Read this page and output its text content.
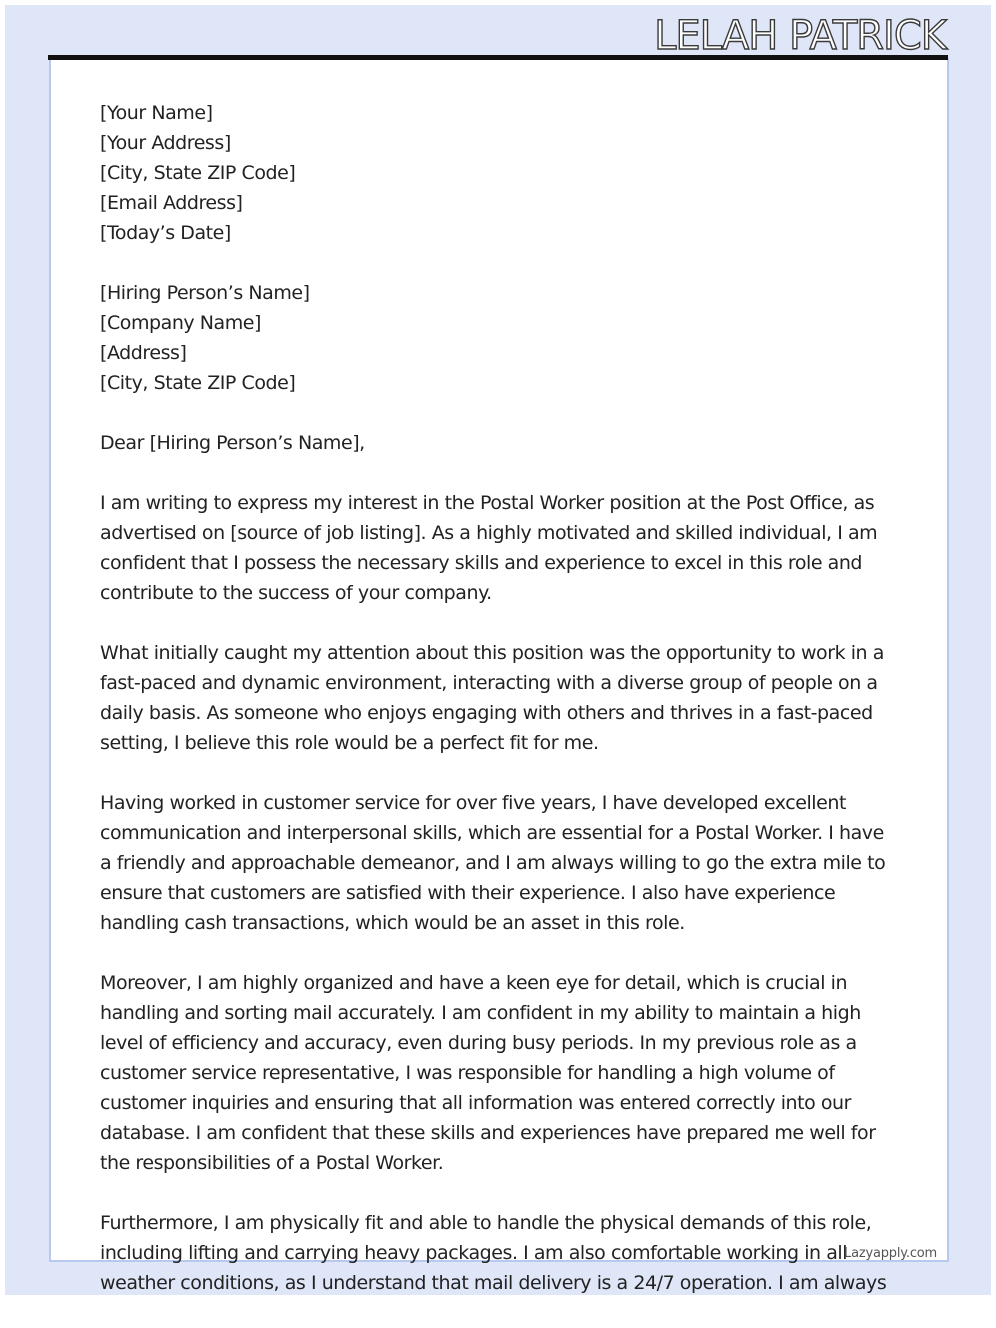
LELAH PATRICK

[Your Name]
[Your Address]
[City, State ZIP Code]
[Email Address]
[Today’s Date]

[Hiring Person’s Name]
[Company Name]
[Address]
[City, State ZIP Code]

Dear [Hiring Person’s Name],

I am writing to express my interest in the Postal Worker position at the Post Office, as advertised on [source of job listing]. As a highly motivated and skilled individual, I am confident that I possess the necessary skills and experience to excel in this role and contribute to the success of your company.

What initially caught my attention about this position was the opportunity to work in a fast-paced and dynamic environment, interacting with a diverse group of people on a daily basis. As someone who enjoys engaging with others and thrives in a fast-paced setting, I believe this role would be a perfect fit for me.

Having worked in customer service for over five years, I have developed excellent communication and interpersonal skills, which are essential for a Postal Worker. I have a friendly and approachable demeanor, and I am always willing to go the extra mile to ensure that customers are satisfied with their experience. I also have experience handling cash transactions, which would be an asset in this role.

Moreover, I am highly organized and have a keen eye for detail, which is crucial in handling and sorting mail accurately. I am confident in my ability to maintain a high level of efficiency and accuracy, even during busy periods. In my previous role as a customer service representative, I was responsible for handling a high volume of customer inquiries and ensuring that all information was entered correctly into our database. I am confident that these skills and experiences have prepared me well for the responsibilities of a Postal Worker.

Furthermore, I am physically fit and able to handle the physical demands of this role, including lifting and carrying heavy packages. I am also comfortable working in all weather conditions, as I understand that mail delivery is a 24/7 operation. I am always

Lazyapply.com
